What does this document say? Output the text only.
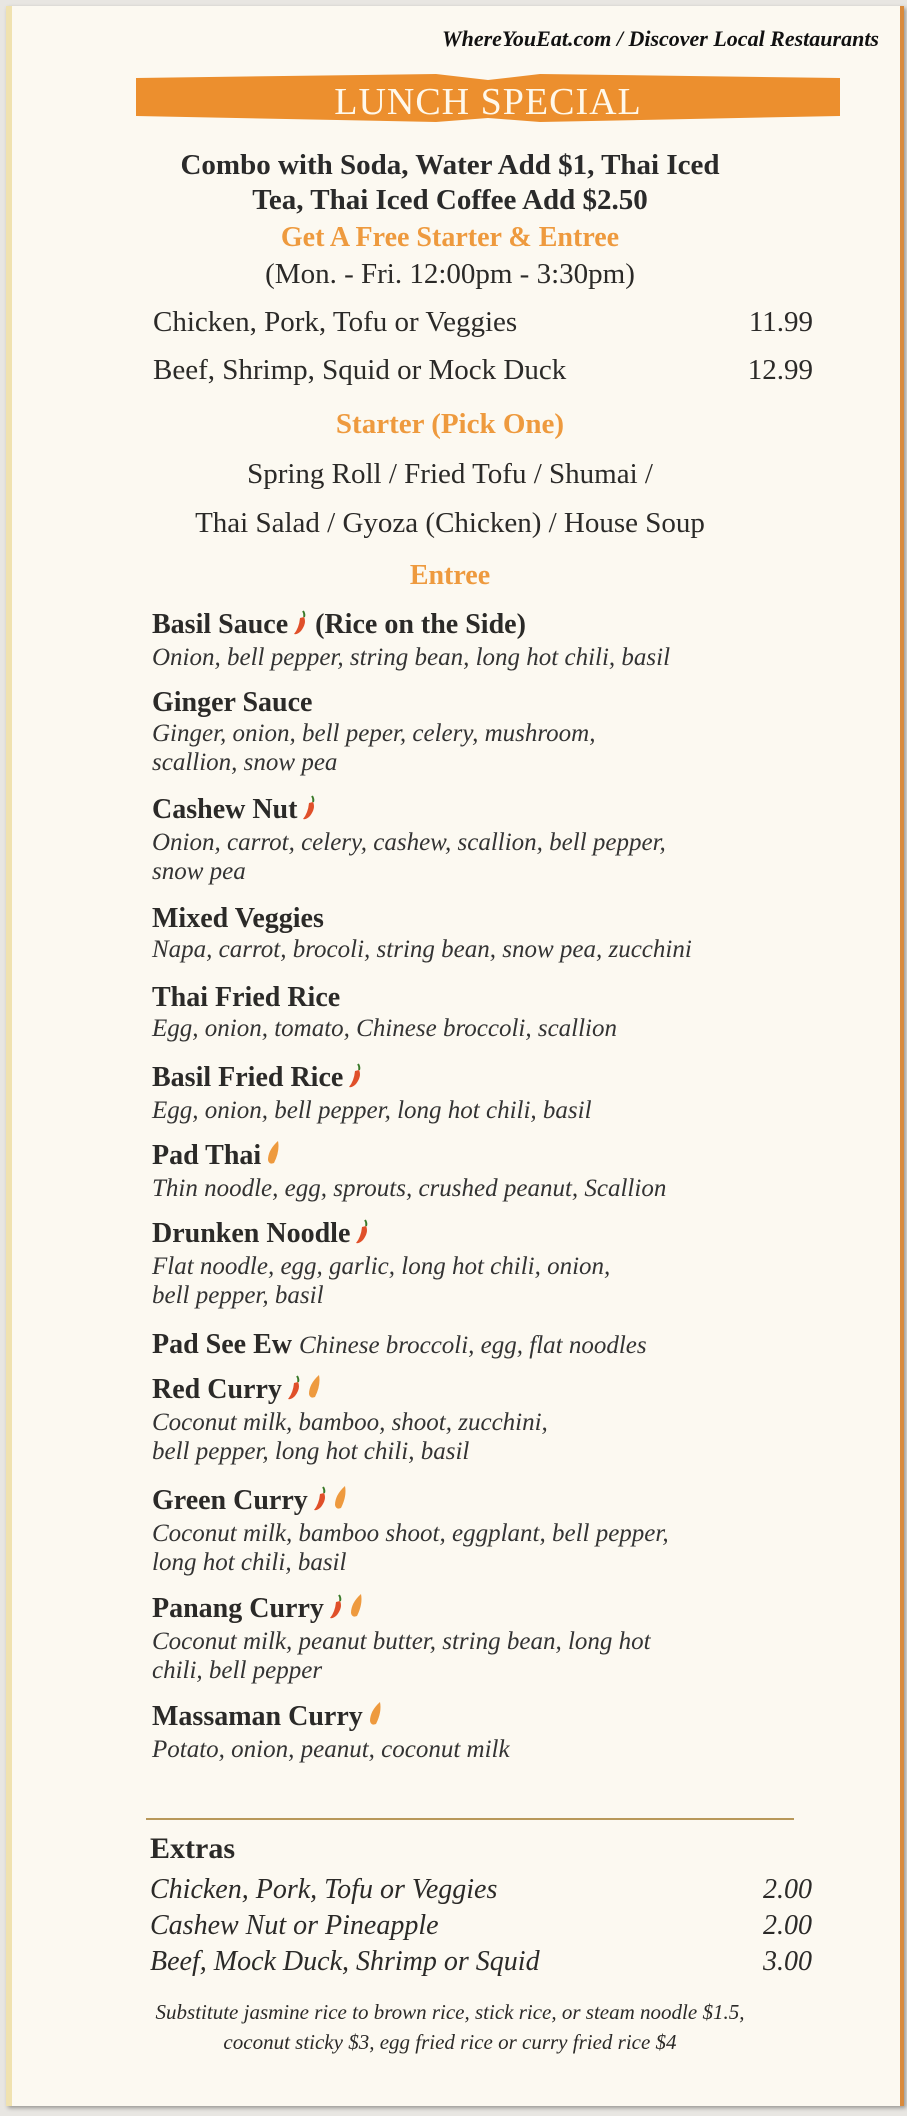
WhereYouEat.com / Discover Local Restaurants
LUNCH SPECIAL
Combo with Soda, Water Add $1, Thai Iced
Tea, Thai Iced Coffee Add $2.50
Get A Free Starter & Entree
(Mon. - Fri. 12:00pm - 3:30pm)
Chicken, Pork, Tofu or Veggies	11.99
Beef, Shrimp, Squid or Mock Duck	12.99
Starter (Pick One)
Spring Roll / Fried Tofu / Shumai /
Thai Salad / Gyoza (Chicken) / House Soup
Entree
Basil Sauce (Rice on the Side)
Onion, bell pepper, string bean, long hot chili, basil
Ginger Sauce
Ginger, onion, bell peper, celery, mushroom,
scallion, snow pea
Cashew Nut
Onion, carrot, celery, cashew, scallion, bell pepper,
snow pea
Mixed Veggies
Napa, carrot, brocoli, string bean, snow pea, zucchini
Thai Fried Rice
Egg, onion, tomato, Chinese broccoli, scallion
Basil Fried Rice
Egg, onion, bell pepper, long hot chili, basil
Pad Thai
Thin noodle, egg, sprouts, crushed peanut, Scallion
Drunken Noodle
Flat noodle, egg, garlic, long hot chili, onion,
bell pepper, basil
Pad See Ew Chinese broccoli, egg, flat noodles
Red Curry
Coconut milk, bamboo, shoot, zucchini,
bell pepper, long hot chili, basil
Green Curry
Coconut milk, bamboo shoot, eggplant, bell pepper,
long hot chili, basil
Panang Curry
Coconut milk, peanut butter, string bean, long hot
chili, bell pepper
Massaman Curry
Potato, onion, peanut, coconut milk
Extras
Chicken, Pork, Tofu or Veggies	2.00
Cashew Nut or Pineapple	2.00
Beef, Mock Duck, Shrimp or Squid	3.00
Substitute jasmine rice to brown rice, stick rice, or steam noodle $1.5,
coconut sticky $3, egg fried rice or curry fried rice $4
